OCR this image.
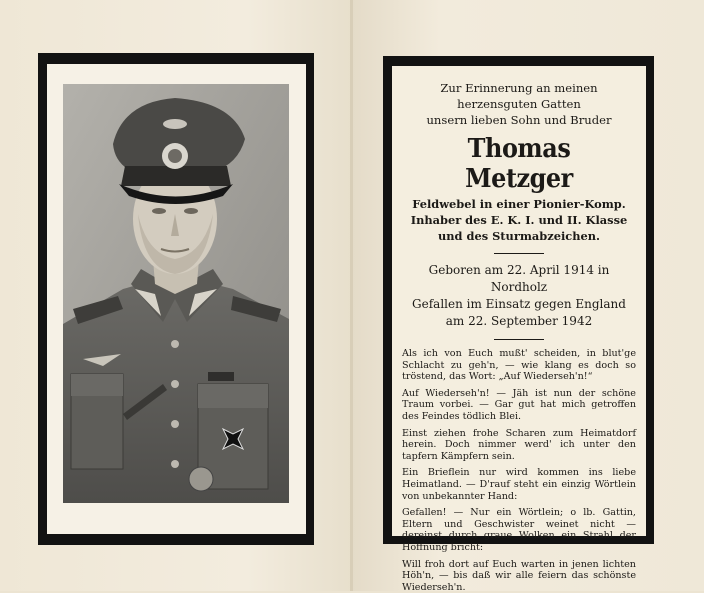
Zur Erinnerung an meinen herzensguten Gatten
unsern lieben Sohn und Bruder
Thomas Metzger
Feldwebel in einer Pionier-Komp.
Inhaber des E. K. I. und II. Klasse
und des Sturmabzeichen.
Geboren am 22. April 1914 in Nordholz
Gefallen im Einsatz gegen England
am 22. September 1942

Als ich von Euch mußt' scheiden, in blut'ge Schlacht zu geh'n, — wie klang es doch so tröstend, das Wort: „Auf Wiederseh'n!“

Auf Wiederseh'n! — Jäh ist nun der schöne Traum vorbei. — Gar gut hat mich getroffen des Feindes tödlich Blei.

Einst ziehen frohe Scharen zum Heimatdorf herein. Doch nimmer werd' ich unter den tapfern Kämpfern sein.

Ein Brieflein nur wird kommen ins liebe Heimatland. — D'rauf steht ein einzig Wörtlein von unbekannter Hand:

Gefallen! — Nur ein Wörtlein; o lb. Gattin, Eltern und Geschwister weinet nicht — dereinst durch graue Wolken ein Strahl der Hoffnung bricht:

Will froh dort auf Euch warten in jenen lichten Höh'n, — bis daß wir alle feiern das schönste Wiederseh'n.
